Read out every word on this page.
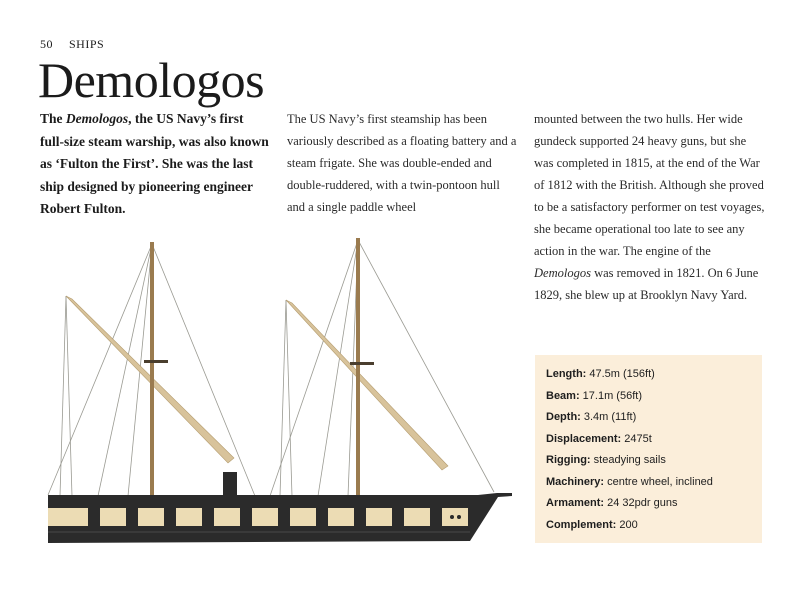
50 SHIPS
Demologos

The Demologos, the US Navy’s first full-size steam warship, was also known as ‘Fulton the First’. She was the last ship designed by pioneering engineer Robert Fulton.

The US Navy’s first steamship has been variously described as a floating battery and a steam frigate. She was double-ended and double-ruddered, with a twin-pontoon hull and a single paddle wheel

mounted between the two hulls. Her wide gundeck supported 24 heavy guns, but she was completed in 1815, at the end of the War of 1812 with the British. Although she proved to be a satisfactory performer on test voyages, she became operational too late to see any action in the war. The engine of the Demologos was removed in 1821. On 6 June 1829, she blew up at Brooklyn Navy Yard.

Length: 47.5m (156ft)
Beam: 17.1m (56ft)
Depth: 3.4m (11ft)
Displacement: 2475t
Rigging: steadying sails
Machinery: centre wheel, inclined
Armament: 24 32pdr guns
Complement: 200
